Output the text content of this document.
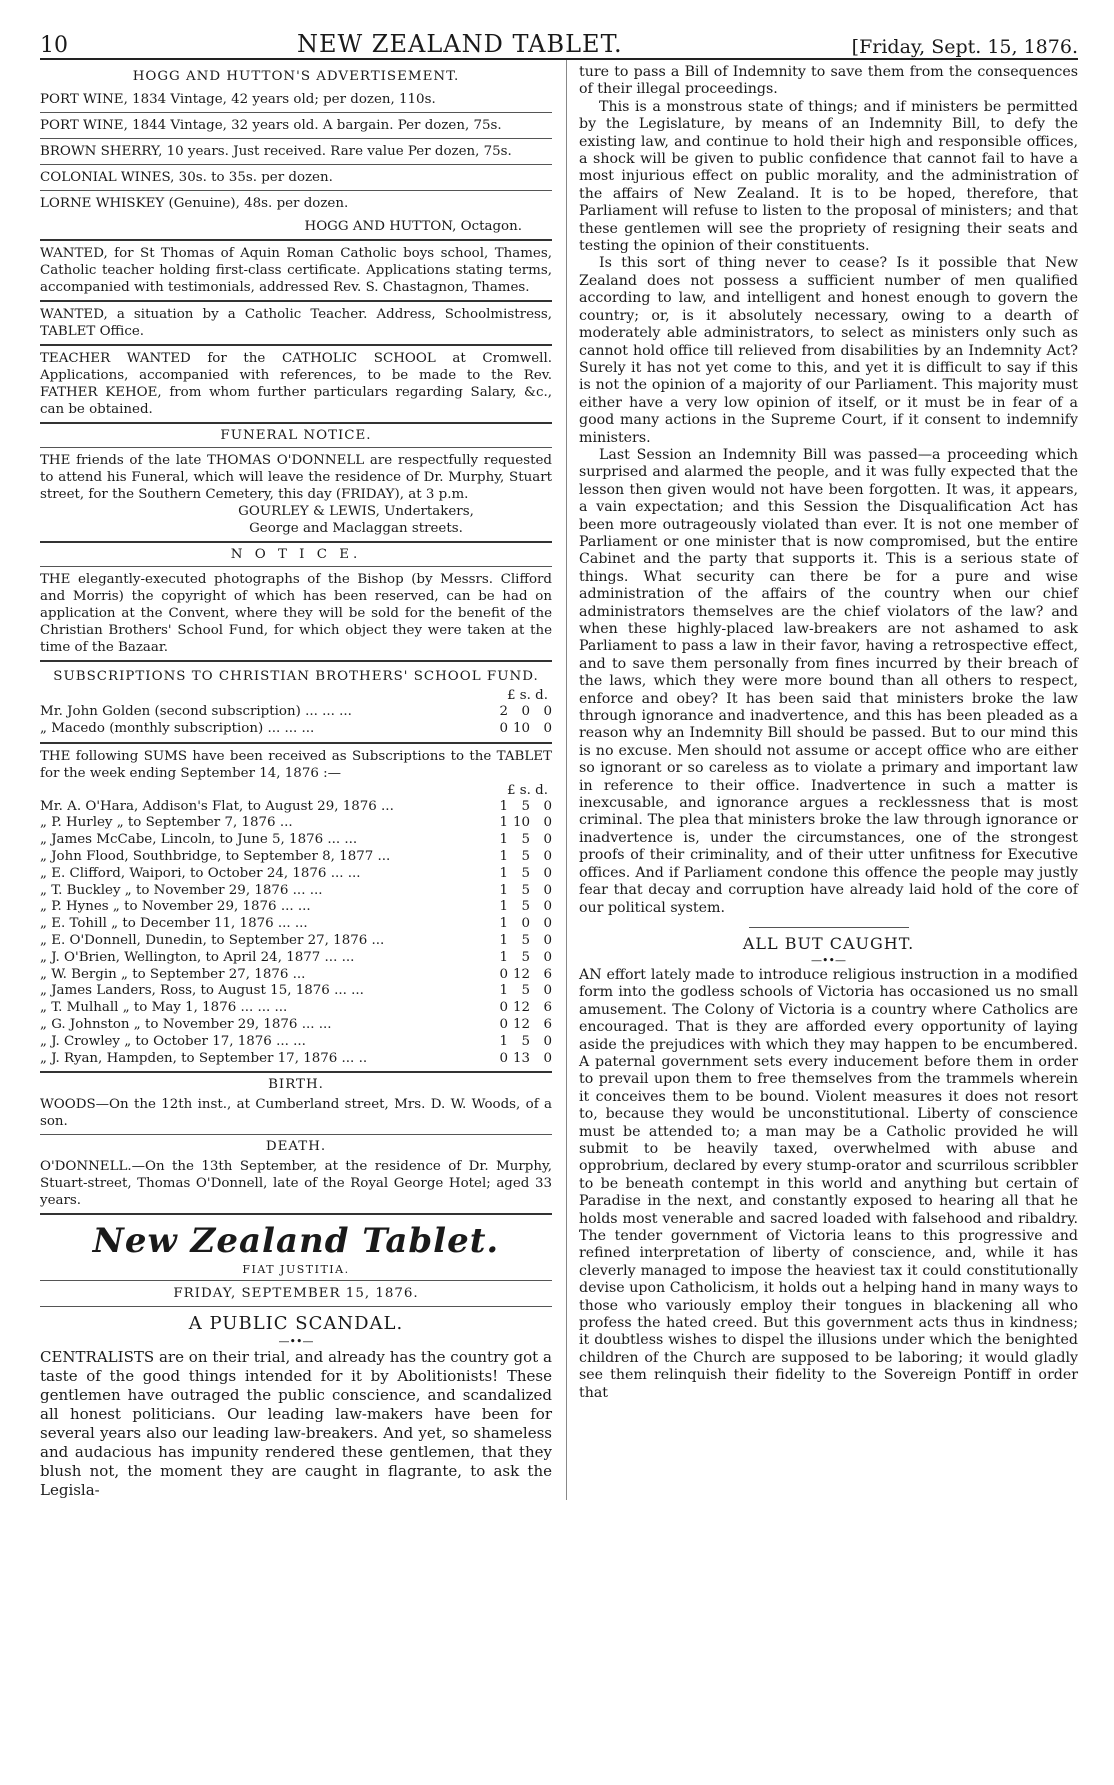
10	NEW ZEALAND TABLET.	[Friday, Sept. 15, 1876.

HOGG AND HUTTON'S ADVERTISEMENT.

PORT WINE, 1834 Vintage, 42 years old; per dozen, 110s.

PORT WINE, 1844 Vintage, 32 years old. A bargain. Per dozen, 75s.

BROWN SHERRY, 10 years. Just received. Rare value Per dozen, 75s.

COLONIAL WINES, 30s. to 35s. per dozen.

LORNE WHISKEY (Genuine), 48s. per dozen.

HOGG AND HUTTON, Octagon.

WANTED, for St Thomas of Aquin Roman Catholic boys school, Thames, Catholic teacher holding first-class certificate. Applications stating terms, accompanied with testimonials, addressed Rev. S. Chastagnon, Thames.

WANTED, a situation by a Catholic Teacher. Address, Schoolmistress, TABLET Office.

TEACHER WANTED for the CATHOLIC SCHOOL at Cromwell. Applications, accompanied with references, to be made to the Rev. FATHER KEHOE, from whom further particulars regarding Salary, &c., can be obtained.

FUNERAL NOTICE.

THE friends of the late THOMAS O'DONNELL are respectfully requested to attend his Funeral, which will leave the residence of Dr. Murphy, Stuart street, for the Southern Cemetery, this day (FRIDAY), at 3 p.m.

GOURLEY & LEWIS, Undertakers,

George and Maclaggan streets.

N O T I C E.

THE elegantly-executed photographs of the Bishop (by Messrs. Clifford and Morris) the copyright of which has been reserved, can be had on application at the Convent, where they will be sold for the benefit of the Christian Brothers' School Fund, for which object they were taken at the time of the Bazaar.

SUBSCRIPTIONS TO CHRISTIAN BROTHERS' SCHOOL FUND.

£ s. d.

Mr. John Golden (second subscription) ... ... ...	2	0	0
„ Macedo (monthly subscription) ... ... ...	0	10	0

THE following SUMS have been received as Subscriptions to the TABLET for the week ending September 14, 1876 :—

£ s. d.

Mr. A. O'Hara, Addison's Flat, to August 29, 1876 ...	1	5	0
„ P. Hurley „ to September 7, 1876 ...	1	10	0
„ James McCabe, Lincoln, to June 5, 1876 ... ...	1	5	0
„ John Flood, Southbridge, to September 8, 1877 ...	1	5	0
„ E. Clifford, Waipori, to October 24, 1876 ... ...	1	5	0
„ T. Buckley „ to November 29, 1876 ... ...	1	5	0
„ P. Hynes „ to November 29, 1876 ... ...	1	5	0
„ E. Tohill „ to December 11, 1876 ... ...	1	0	0
„ E. O'Donnell, Dunedin, to September 27, 1876 ...	1	5	0
„ J. O'Brien, Wellington, to April 24, 1877 ... ...	1	5	0
„ W. Bergin „ to September 27, 1876 ...	0	12	6
„ James Landers, Ross, to August 15, 1876 ... ...	1	5	0
„ T. Mulhall „ to May 1, 1876 ... ... ...	0	12	6
„ G. Johnston „ to November 29, 1876 ... ...	0	12	6
„ J. Crowley „ to October 17, 1876 ... ...	1	5	0
„ J. Ryan, Hampden, to September 17, 1876 ... ..	0	13	0

BIRTH.

WOODS—On the 12th inst., at Cumberland street, Mrs. D. W. Woods, of a son.

DEATH.

O'DONNELL.—On the 13th September, at the residence of Dr. Murphy, Stuart-street, Thomas O'Donnell, late of the Royal George Hotel; aged 33 years.

New Zealand Tablet.

FIAT JUSTITIA.

FRIDAY, SEPTEMBER 15, 1876.

A PUBLIC SCANDAL.

—••—

CENTRALISTS are on their trial, and already has the country got a taste of the good things intended for it by Abolitionists! These gentlemen have outraged the public conscience, and scandalized all honest politicians. Our leading law-makers have been for several years also our leading law-breakers. And yet, so shameless and audacious has impunity rendered these gentlemen, that they blush not, the moment they are caught in flagrante, to ask the Legisla-

ture to pass a Bill of Indemnity to save them from the consequences of their illegal proceedings.

This is a monstrous state of things; and if ministers be permitted by the Legislature, by means of an Indemnity Bill, to defy the existing law, and continue to hold their high and responsible offices, a shock will be given to public confidence that cannot fail to have a most injurious effect on public morality, and the administration of the affairs of New Zealand. It is to be hoped, therefore, that Parliament will refuse to listen to the proposal of ministers; and that these gentlemen will see the propriety of resigning their seats and testing the opinion of their constituents.

Is this sort of thing never to cease? Is it possible that New Zealand does not possess a sufficient number of men qualified according to law, and intelligent and honest enough to govern the country; or, is it absolutely necessary, owing to a dearth of moderately able administrators, to select as ministers only such as cannot hold office till relieved from disabilities by an Indemnity Act? Surely it has not yet come to this, and yet it is difficult to say if this is not the opinion of a majority of our Parliament. This majority must either have a very low opinion of itself, or it must be in fear of a good many actions in the Supreme Court, if it consent to indemnify ministers.

Last Session an Indemnity Bill was passed—a proceeding which surprised and alarmed the people, and it was fully expected that the lesson then given would not have been forgotten. It was, it appears, a vain expectation; and this Session the Disqualification Act has been more outrageously violated than ever. It is not one member of Parliament or one minister that is now compromised, but the entire Cabinet and the party that supports it. This is a serious state of things. What security can there be for a pure and wise administration of the affairs of the country when our chief administrators themselves are the chief violators of the law? and when these highly-placed law-breakers are not ashamed to ask Parliament to pass a law in their favor, having a retrospective effect, and to save them personally from fines incurred by their breach of the laws, which they were more bound than all others to respect, enforce and obey? It has been said that ministers broke the law through ignorance and inadvertence, and this has been pleaded as a reason why an Indemnity Bill should be passed. But to our mind this is no excuse. Men should not assume or accept office who are either so ignorant or so careless as to violate a primary and important law in reference to their office. Inadvertence in such a matter is inexcusable, and ignorance argues a recklessness that is most criminal. The plea that ministers broke the law through ignorance or inadvertence is, under the circumstances, one of the strongest proofs of their criminality, and of their utter unfitness for Executive offices. And if Parliament condone this offence the people may justly fear that decay and corruption have already laid hold of the core of our political system.

ALL BUT CAUGHT.

—••—

AN effort lately made to introduce religious instruction in a modified form into the godless schools of Victoria has occasioned us no small amusement. The Colony of Victoria is a country where Catholics are encouraged. That is they are afforded every opportunity of laying aside the prejudices with which they may happen to be encumbered. A paternal government sets every inducement before them in order to prevail upon them to free themselves from the trammels wherein it conceives them to be bound. Violent measures it does not resort to, because they would be unconstitutional. Liberty of conscience must be attended to; a man may be a Catholic provided he will submit to be heavily taxed, overwhelmed with abuse and opprobrium, declared by every stump-orator and scurrilous scribbler to be beneath contempt in this world and anything but certain of Paradise in the next, and constantly exposed to hearing all that he holds most venerable and sacred loaded with falsehood and ribaldry. The tender government of Victoria leans to this progressive and refined interpretation of liberty of conscience, and, while it has cleverly managed to impose the heaviest tax it could constitutionally devise upon Catholicism, it holds out a helping hand in many ways to those who variously employ their tongues in blackening all who profess the hated creed. But this government acts thus in kindness; it doubtless wishes to dispel the illusions under which the benighted children of the Church are supposed to be laboring; it would gladly see them relinquish their fidelity to the Sovereign Pontiff in order that
